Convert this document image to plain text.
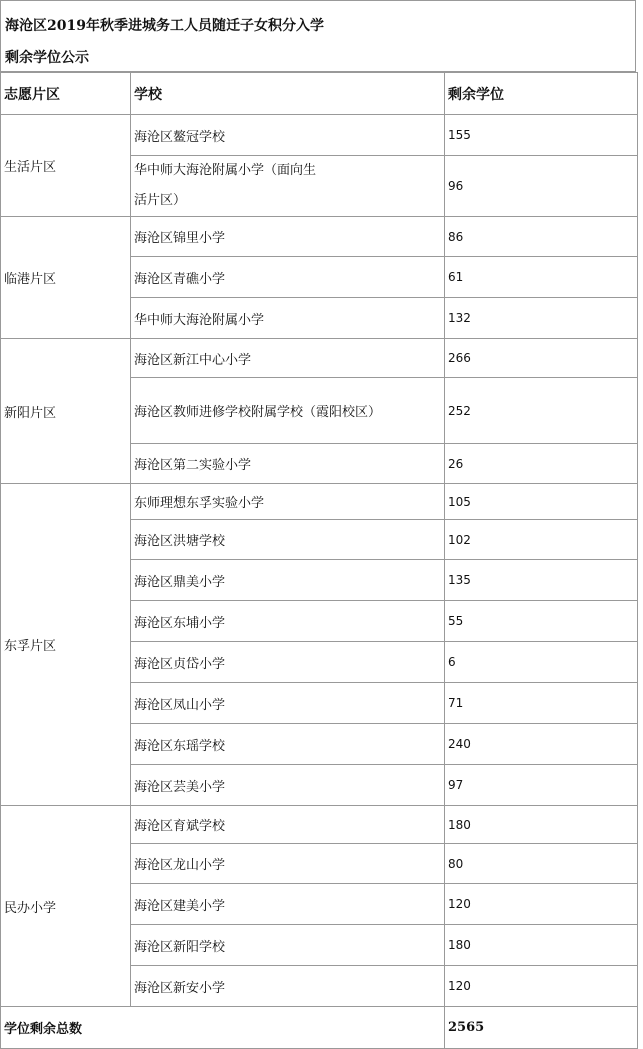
海沧区2019年秋季进城务工人员随迁子女积分入学
剩余学位公示
志愿片区	学校	剩余学位
生活片区	海沧区鳌冠学校	155
	华中师大海沧附属小学（面向生活片区）	96
临港片区	海沧区锦里小学	86
	海沧区青礁小学	61
	华中师大海沧附属小学	132
新阳片区	海沧区新江中心小学	266
	海沧区教师进修学校附属学校（霞阳校区）	252
	海沧区第二实验小学	26
东孚片区	东师理想东孚实验小学	105
	海沧区洪塘学校	102
	海沧区鼎美小学	135
	海沧区东埔小学	55
	海沧区贞岱小学	6
	海沧区凤山小学	71
	海沧区东瑶学校	240
	海沧区芸美小学	97
民办小学	海沧区育斌学校	180
	海沧区龙山小学	80
	海沧区建美小学	120
	海沧区新阳学校	180
	海沧区新安小学	120
学位剩余总数		2565
